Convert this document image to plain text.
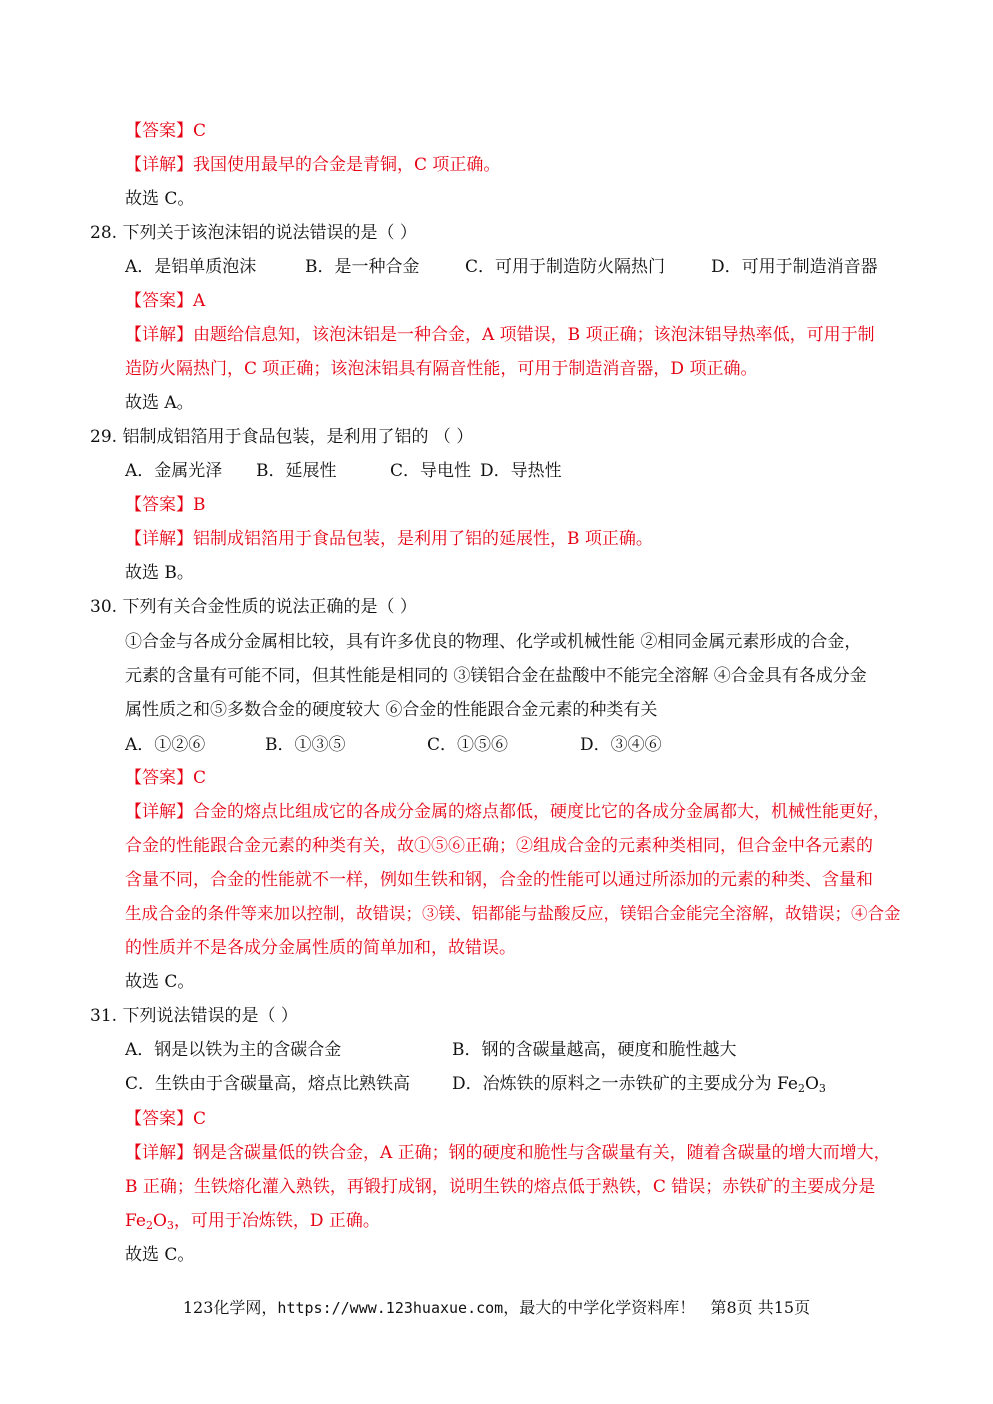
【答案】C
【详解】我国使用最早的合金是青铜，C 项正确。
故选 C。
28. 下列关于该泡沫铝的说法错误的是（ ）
A．是铝单质泡沫	B．是一种合金	C．可用于制造防火隔热门	D．可用于制造消音器
【答案】A
【详解】由题给信息知，该泡沫铝是一种合金，A 项错误，B 项正确；该泡沫铝导热率低，可用于制
造防火隔热门，C 项正确；该泡沫铝具有隔音性能，可用于制造消音器，D 项正确。
故选 A。
29. 铝制成铝箔用于食品包装，是利用了铝的 （ ）
A．金属光泽 B．延展性	C．导电性 D．导热性
【答案】B
【详解】铝制成铝箔用于食品包装，是利用了铝的延展性，B 项正确。
故选 B。
30. 下列有关合金性质的说法正确的是（ ）
①合金与各成分金属相比较，具有许多优良的物理、化学或机械性能 ②相同金属元素形成的合金，
元素的含量有可能不同，但其性能是相同的 ③镁铝合金在盐酸中不能完全溶解 ④合金具有各成分金
属性质之和⑤多数合金的硬度较大 ⑥合金的性能跟合金元素的种类有关
A．①②⑥	B．①③⑤	C．①⑤⑥	D．③④⑥
【答案】C
【详解】合金的熔点比组成它的各成分金属的熔点都低，硬度比它的各成分金属都大，机械性能更好，
合金的性能跟合金元素的种类有关，故①⑤⑥正确；②组成合金的元素种类相同，但合金中各元素的
含量不同，合金的性能就不一样，例如生铁和钢，合金的性能可以通过所添加的元素的种类、含量和
生成合金的条件等来加以控制，故错误；③镁、铝都能与盐酸反应，镁铝合金能完全溶解，故错误；④合金
的性质并不是各成分金属性质的简单加和，故错误。
故选 C。
31. 下列说法错误的是（ ）
A．钢是以铁为主的含碳合金	B．钢的含碳量越高，硬度和脆性越大
C．生铁由于含碳量高，熔点比熟铁高 D．冶炼铁的原料之一赤铁矿的主要成分为 $Fe_2O_3$
【答案】C
【详解】钢是含碳量低的铁合金，A 正确；钢的硬度和脆性与含碳量有关，随着含碳量的增大而增大，
B 正确；生铁熔化灌入熟铁，再锻打成钢，说明生铁的熔点低于熟铁，C 错误；赤铁矿的主要成分是
$Fe_2O_3$，可用于冶炼铁，D 正确。
故选 C。
123化学网，https://www.123huaxue.com，最大的中学化学资料库！ 第8页 共15页
